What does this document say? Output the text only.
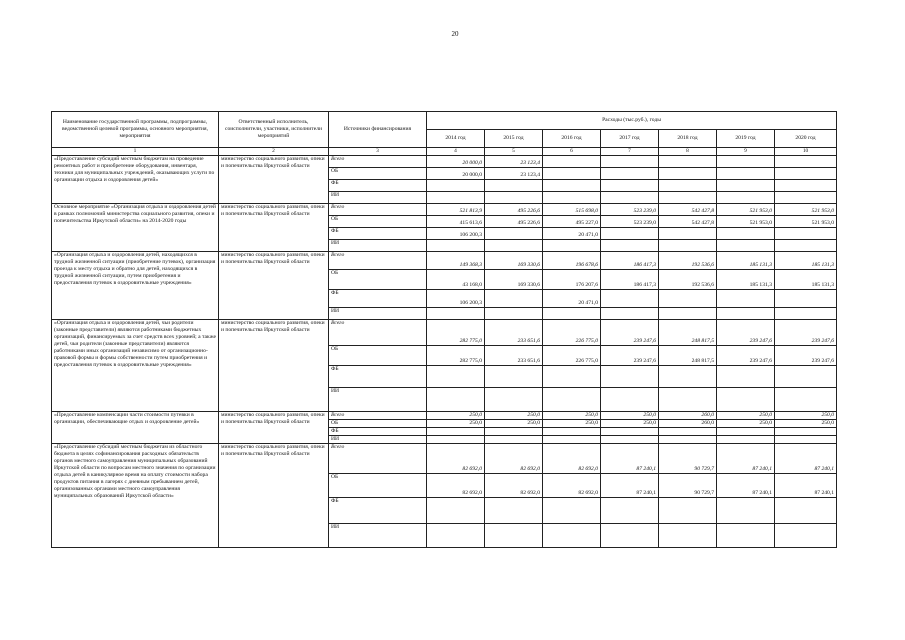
20
Наименование государственной программы, подпрограммы, ведомственной целевой программы, основного мероприятия, мероприятия	Ответственный исполнитель, соисполнители, участники, исполнители мероприятий	Источники финансирования	Расходы (тыс.руб.), годы						
			2014 год	2015 год	2016 год	2017 год	2018 год	2019 год	2020 год
1	2	3	4	5	6	7	8	9	10
«Предоставление субсидий местным бюджетам на проведение ремонтных работ и приобретение оборудования, инвентаря, техники для муниципальных учреждений, оказывающих услуги по организации отдыха и оздоровления детей»	министерство социального развития, опеки и попечительства Иркутской области	Всего	20 000,0	23 123,4					
		ОБ	20 000,0	23 123,4					
		ФБ							
		ИИ							
Основное мероприятие «Организация отдыха и оздоровления детей в рамках полномочий министерства социального развития, опеки и попечительства Иркутской области» на 2014-2020 годы	министерство социального развития, опеки и попечительства Иркутской области	Всего	521 813,9	495 226,6	515 698,0	523 239,0	542 427,8	521 953,0	521 953,0
		ОБ	415 613,6	495 226,6	495 227,0	523 239,0	542 427,8	521 953,0	521 953,0
		ФБ	106 200,3		20 471,0				
		ИИ							
«Организация отдыха и оздоровления детей, находящихся в трудной жизненной ситуации (приобретение путевок), организация проезда к месту отдыха и обратно для детей, находящихся в трудной жизненной ситуации, путем приобретения и предоставления путевок в оздоровительные учреждения»	министерство социального развития, опеки и попечительства Иркутской области	Всего	149 368,3	169 330,6	196 678,6	186 417,3	192 536,6	185 131,3	185 131,3
		ОБ	43 168,0	169 330,6	176 207,6	186 417,3	192 536,6	185 131,3	185 131,3
		ФБ	106 200,3		20 471,0				
		ИИ							
«Организация отдыха и оздоровления детей, чьи родители (законные представители) являются работниками бюджетных организаций, финансируемых за счет средств всех уровней; а также детей, чьи родители (законные представители) являются работниками иных организаций независимо от организационно-правовой формы и формы собственности путем приобретения и предоставления путевок в оздоровительные учреждения»	министерство социального развития, опеки и попечительства Иркутской области	Всего	282 775,0	233 651,6	226 775,0	239 247,6	248 817,5	239 247,6	239 247,6
		ОБ	282 775,0	233 651,6	226 775,0	239 247,6	248 817,5	239 247,6	239 247,6
		ФБ							
		ИИ							
«Предоставление компенсации части стоимости путевки в организации, обеспечивающие отдых и оздоровление детей»	министерство социального развития, опеки и попечительства Иркутской области	Всего	250,0	250,0	250,0	250,0	260,0	250,0	250,0
		ОБ	250,0	250,0	250,0	250,0	260,0	250,0	250,0
		ФБ							
		ИИ							
«Предоставление субсидий местным бюджетам из областного бюджета в целях софинансирования расходных обязательств органов местного самоуправления муниципальных образований Иркутской области по вопросам местного значения по организации отдыха детей в каникулярное время на оплату стоимости набора продуктов питания в лагерях с дневным пребыванием детей, организованных органами местного самоуправления муниципальных образований Иркутской области»	министерство социального развития, опеки и попечительства Иркутской области	Всего	82 692,0	82 692,0	82 692,0	87 240,1	90 729,7	87 240,1	87 240,1
		ОБ	82 692,0	82 692,0	82 692,0	87 240,1	90 729,7	87 240,1	87 240,1
		ФБ							
		ИИ							
